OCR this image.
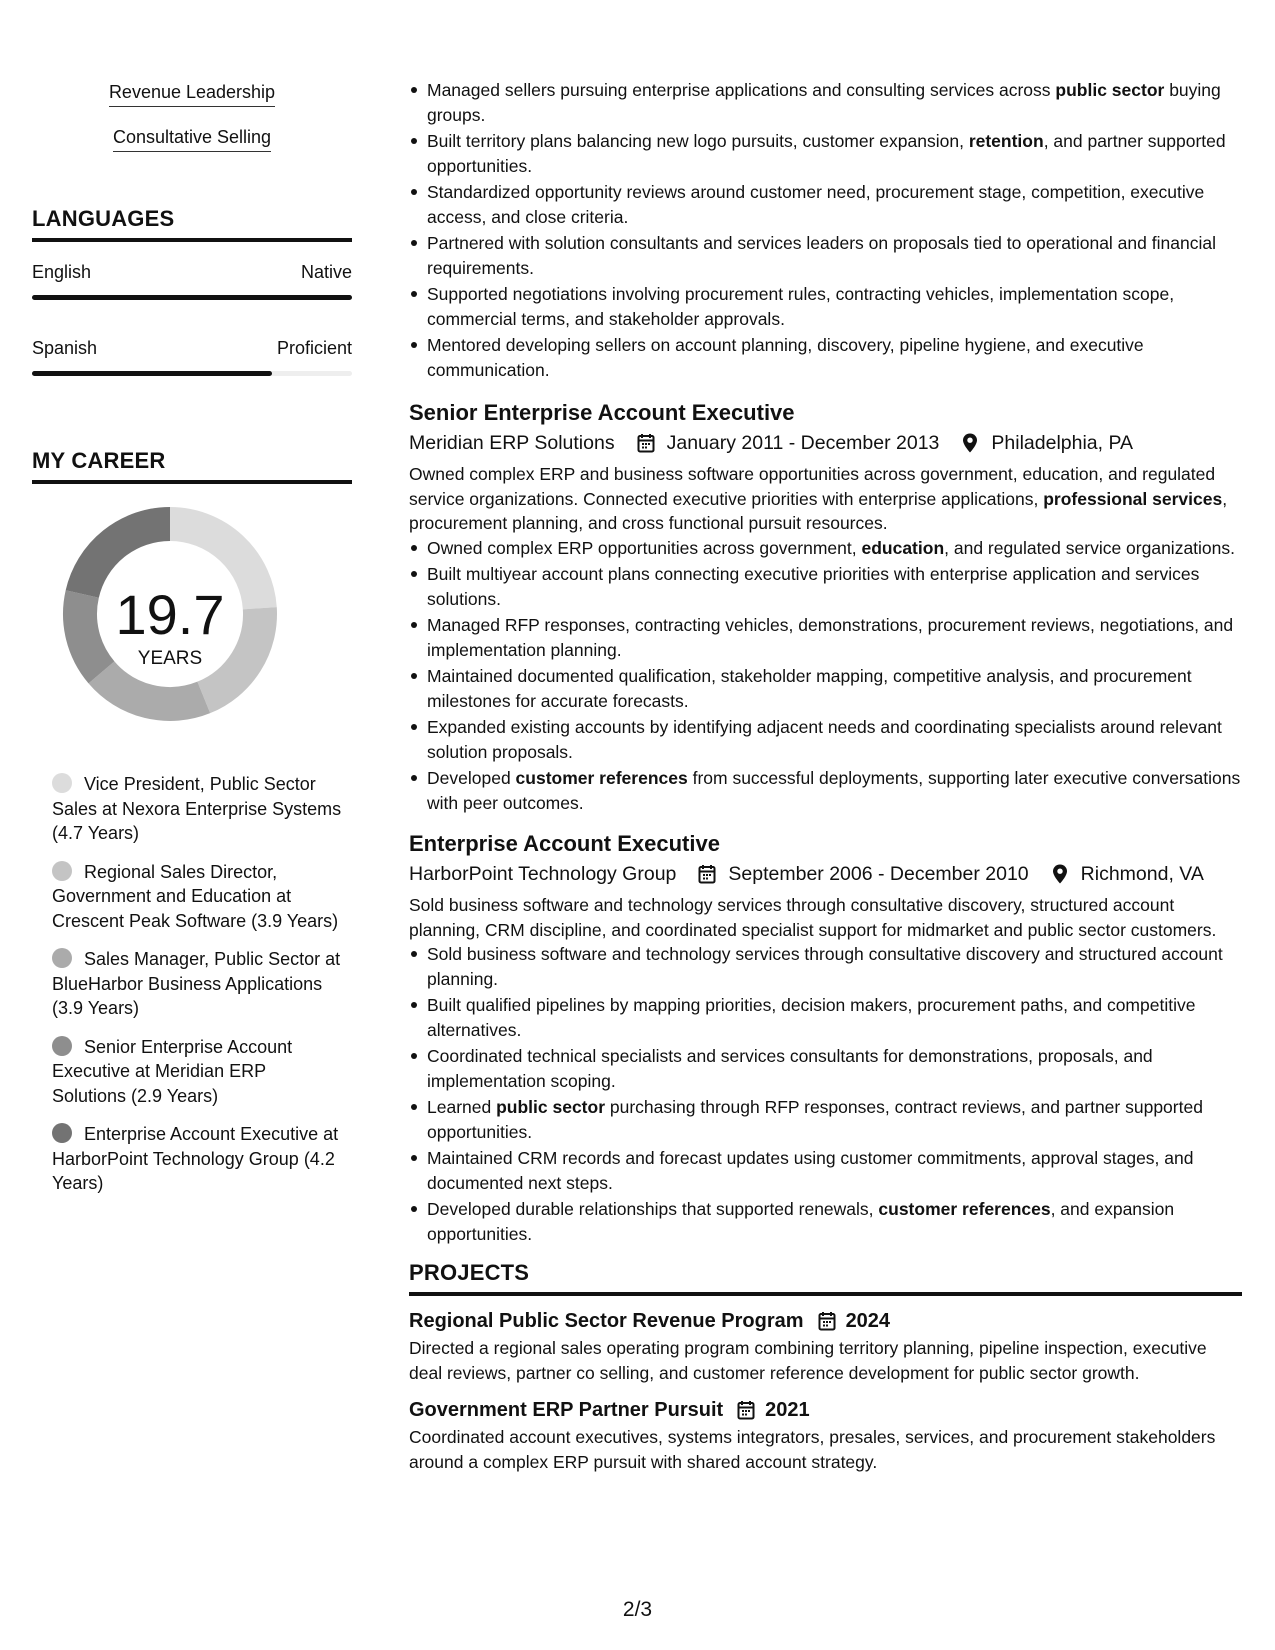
Revenue Leadership
Consultative Selling
LANGUAGES
English	Native
Spanish	Proficient
MY CAREER
19.7
YEARS
Vice President, Public Sector Sales at Nexora Enterprise Systems (4.7 Years)
Regional Sales Director, Government and Education at Crescent Peak Software (3.9 Years)
Sales Manager, Public Sector at BlueHarbor Business Applications (3.9 Years)
Senior Enterprise Account Executive at Meridian ERP Solutions (2.9 Years)
Enterprise Account Executive at HarborPoint Technology Group (4.2 Years)
Managed sellers pursuing enterprise applications and consulting services across public sector buying groups.
Built territory plans balancing new logo pursuits, customer expansion, retention, and partner supported opportunities.
Standardized opportunity reviews around customer need, procurement stage, competition, executive access, and close criteria.
Partnered with solution consultants and services leaders on proposals tied to operational and financial requirements.
Supported negotiations involving procurement rules, contracting vehicles, implementation scope, commercial terms, and stakeholder approvals.
Mentored developing sellers on account planning, discovery, pipeline hygiene, and executive communication.
Senior Enterprise Account Executive
Meridian ERP Solutions	January 2011 - December 2013	Philadelphia, PA

Owned complex ERP and business software opportunities across government, education, and regulated service organizations. Connected executive priorities with enterprise applications, professional services, procurement planning, and cross functional pursuit resources.

Owned complex ERP opportunities across government, education, and regulated service organizations.
Built multiyear account plans connecting executive priorities with enterprise application and services solutions.
Managed RFP responses, contracting vehicles, demonstrations, procurement reviews, negotiations, and implementation planning.
Maintained documented qualification, stakeholder mapping, competitive analysis, and procurement milestones for accurate forecasts.
Expanded existing accounts by identifying adjacent needs and coordinating specialists around relevant solution proposals.
Developed customer references from successful deployments, supporting later executive conversations with peer outcomes.
Enterprise Account Executive
HarborPoint Technology Group	September 2006 - December 2010	Richmond, VA

Sold business software and technology services through consultative discovery, structured account planning, CRM discipline, and coordinated specialist support for midmarket and public sector customers.

Sold business software and technology services through consultative discovery and structured account planning.
Built qualified pipelines by mapping priorities, decision makers, procurement paths, and competitive alternatives.
Coordinated technical specialists and services consultants for demonstrations, proposals, and implementation scoping.
Learned public sector purchasing through RFP responses, contract reviews, and partner supported opportunities.
Maintained CRM records and forecast updates using customer commitments, approval stages, and documented next steps.
Developed durable relationships that supported renewals, customer references, and expansion opportunities.
PROJECTS
Regional Public Sector Revenue Program 2024

Directed a regional sales operating program combining territory planning, pipeline inspection, executive deal reviews, partner co selling, and customer reference development for public sector growth.

Government ERP Partner Pursuit 2021

Coordinated account executives, systems integrators, presales, services, and procurement stakeholders around a complex ERP pursuit with shared account strategy.

2/3
